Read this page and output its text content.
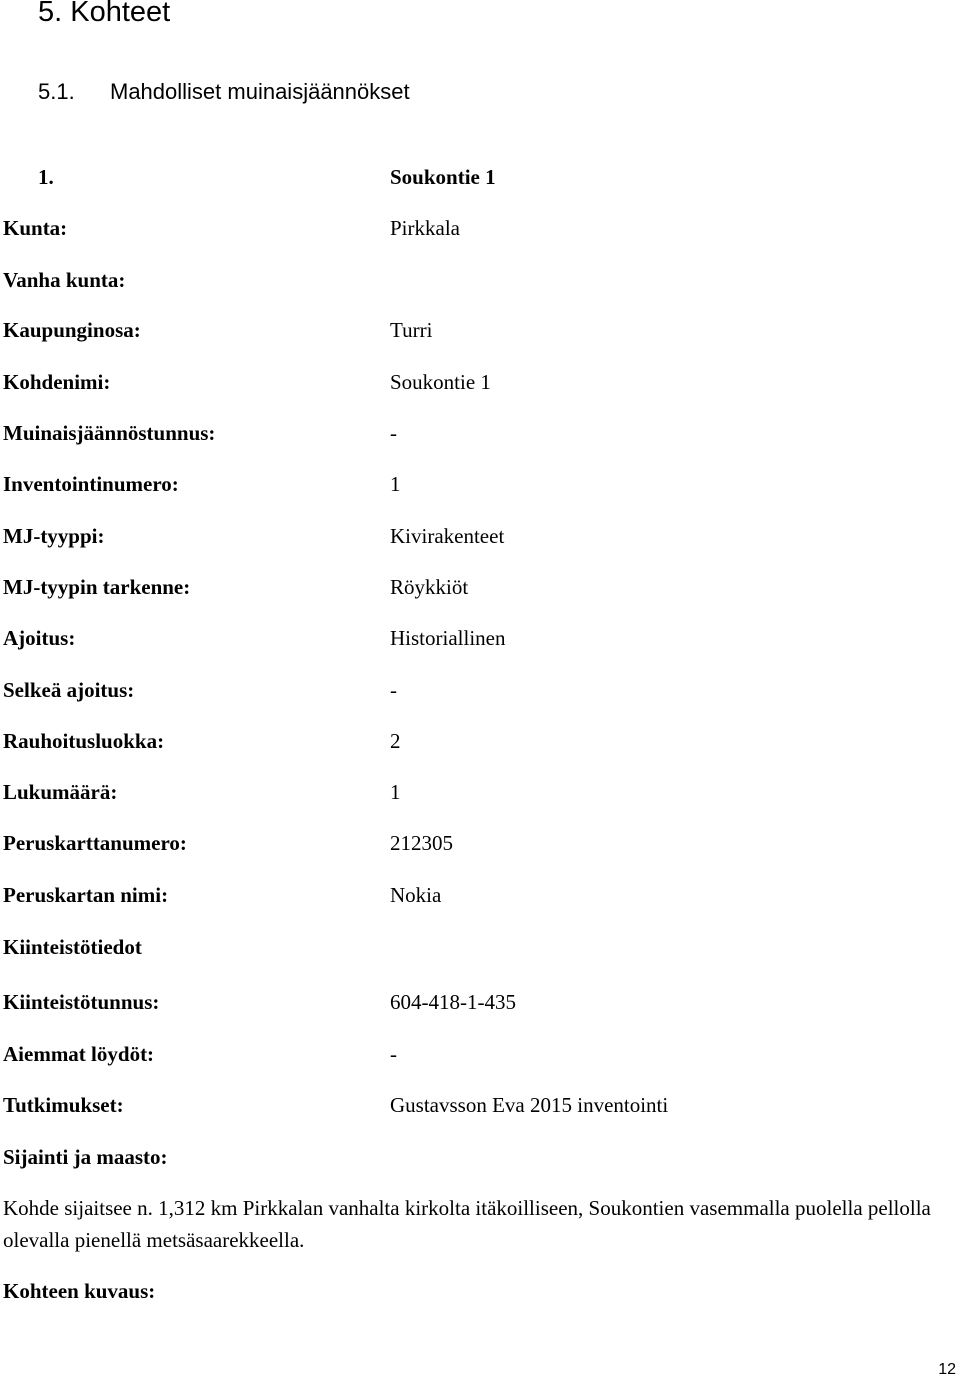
5. Kohteet
5.1. Mahdolliset muinaisjäännökset
1.	Soukontie 1
Kunta:	Pirkkala
Vanha kunta:
Kaupunginosa:	Turri
Kohdenimi:	Soukontie 1
Muinaisjäännöstunnus:	-
Inventointinumero:	1
MJ-tyyppi:	Kivirakenteet
MJ-tyypin tarkenne:	Röykkiöt
Ajoitus:	Historiallinen
Selkeä ajoitus:	-
Rauhoitusluokka:	2
Lukumäärä:	1
Peruskarttanumero:	212305
Peruskartan nimi:	Nokia
Kiinteistötiedot
Kiinteistötunnus:	604-418-1-435
Aiemmat löydöt:	-
Tutkimukset:	Gustavsson Eva 2015 inventointi
Sijainti ja maasto:
Kohde sijaitsee n. 1,312 km Pirkkalan vanhalta kirkolta itäkoilliseen, Soukontien vasemmalla puolella pellolla olevalla pienellä metsäsaarekkeella.
Kohteen kuvaus:
12
